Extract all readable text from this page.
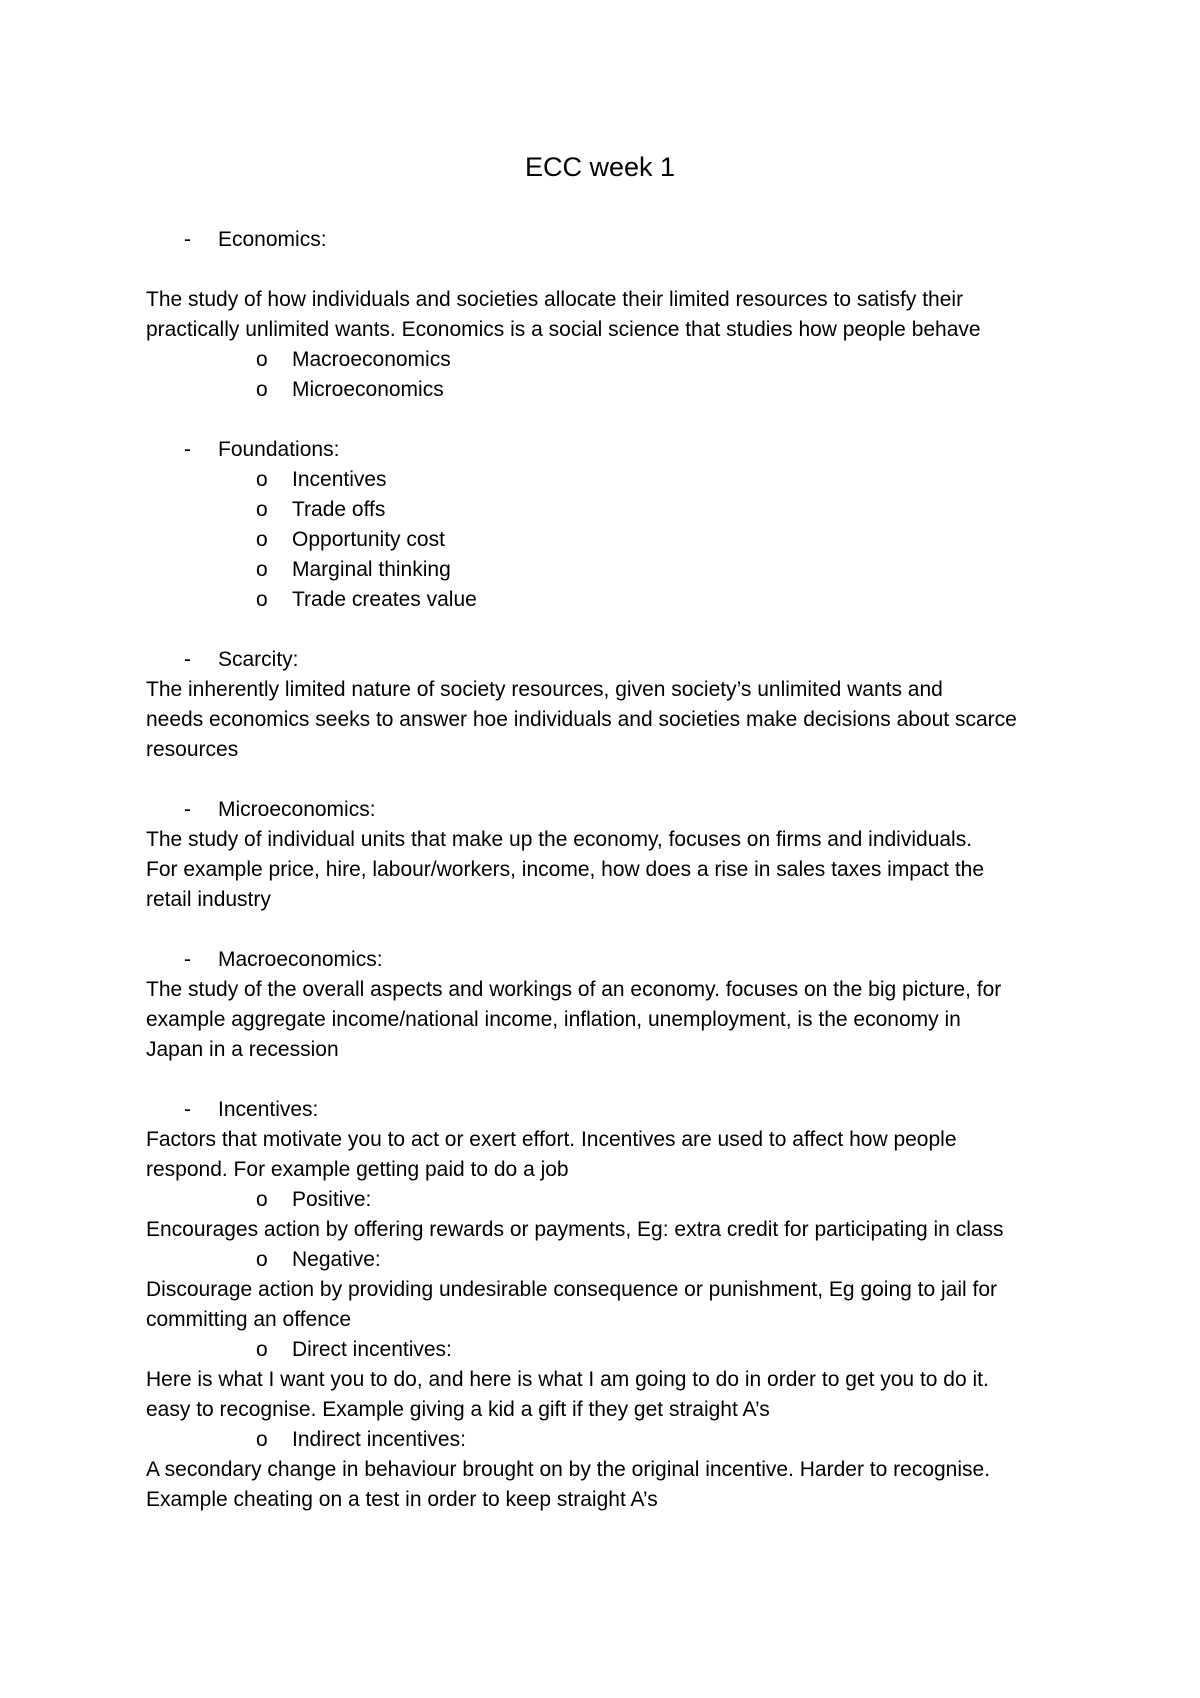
ECC week 1
- Economics:

The study of how individuals and societies allocate their limited resources to satisfy their

practically unlimited wants. Economics is a social science that studies how people behave

o Macroeconomics
o Microeconomics
- Foundations:
o Incentives
o Trade offs
o Opportunity cost
o Marginal thinking
o Trade creates value
- Scarcity:

The inherently limited nature of society resources, given society’s unlimited wants and

needs economics seeks to answer hoe individuals and societies make decisions about scarce

resources

- Microeconomics:

The study of individual units that make up the economy, focuses on firms and individuals.

For example price, hire, labour/workers, income, how does a rise in sales taxes impact the

retail industry

- Macroeconomics:

The study of the overall aspects and workings of an economy. focuses on the big picture, for

example aggregate income/national income, inflation, unemployment, is the economy in

Japan in a recession

- Incentives:

Factors that motivate you to act or exert effort. Incentives are used to affect how people

respond. For example getting paid to do a job

o Positive:

Encourages action by offering rewards or payments, Eg: extra credit for participating in class

o Negative:

Discourage action by providing undesirable consequence or punishment, Eg going to jail for

committing an offence

o Direct incentives:

Here is what I want you to do, and here is what I am going to do in order to get you to do it.

easy to recognise. Example giving a kid a gift if they get straight A’s

o Indirect incentives:

A secondary change in behaviour brought on by the original incentive. Harder to recognise.

Example cheating on a test in order to keep straight A’s
